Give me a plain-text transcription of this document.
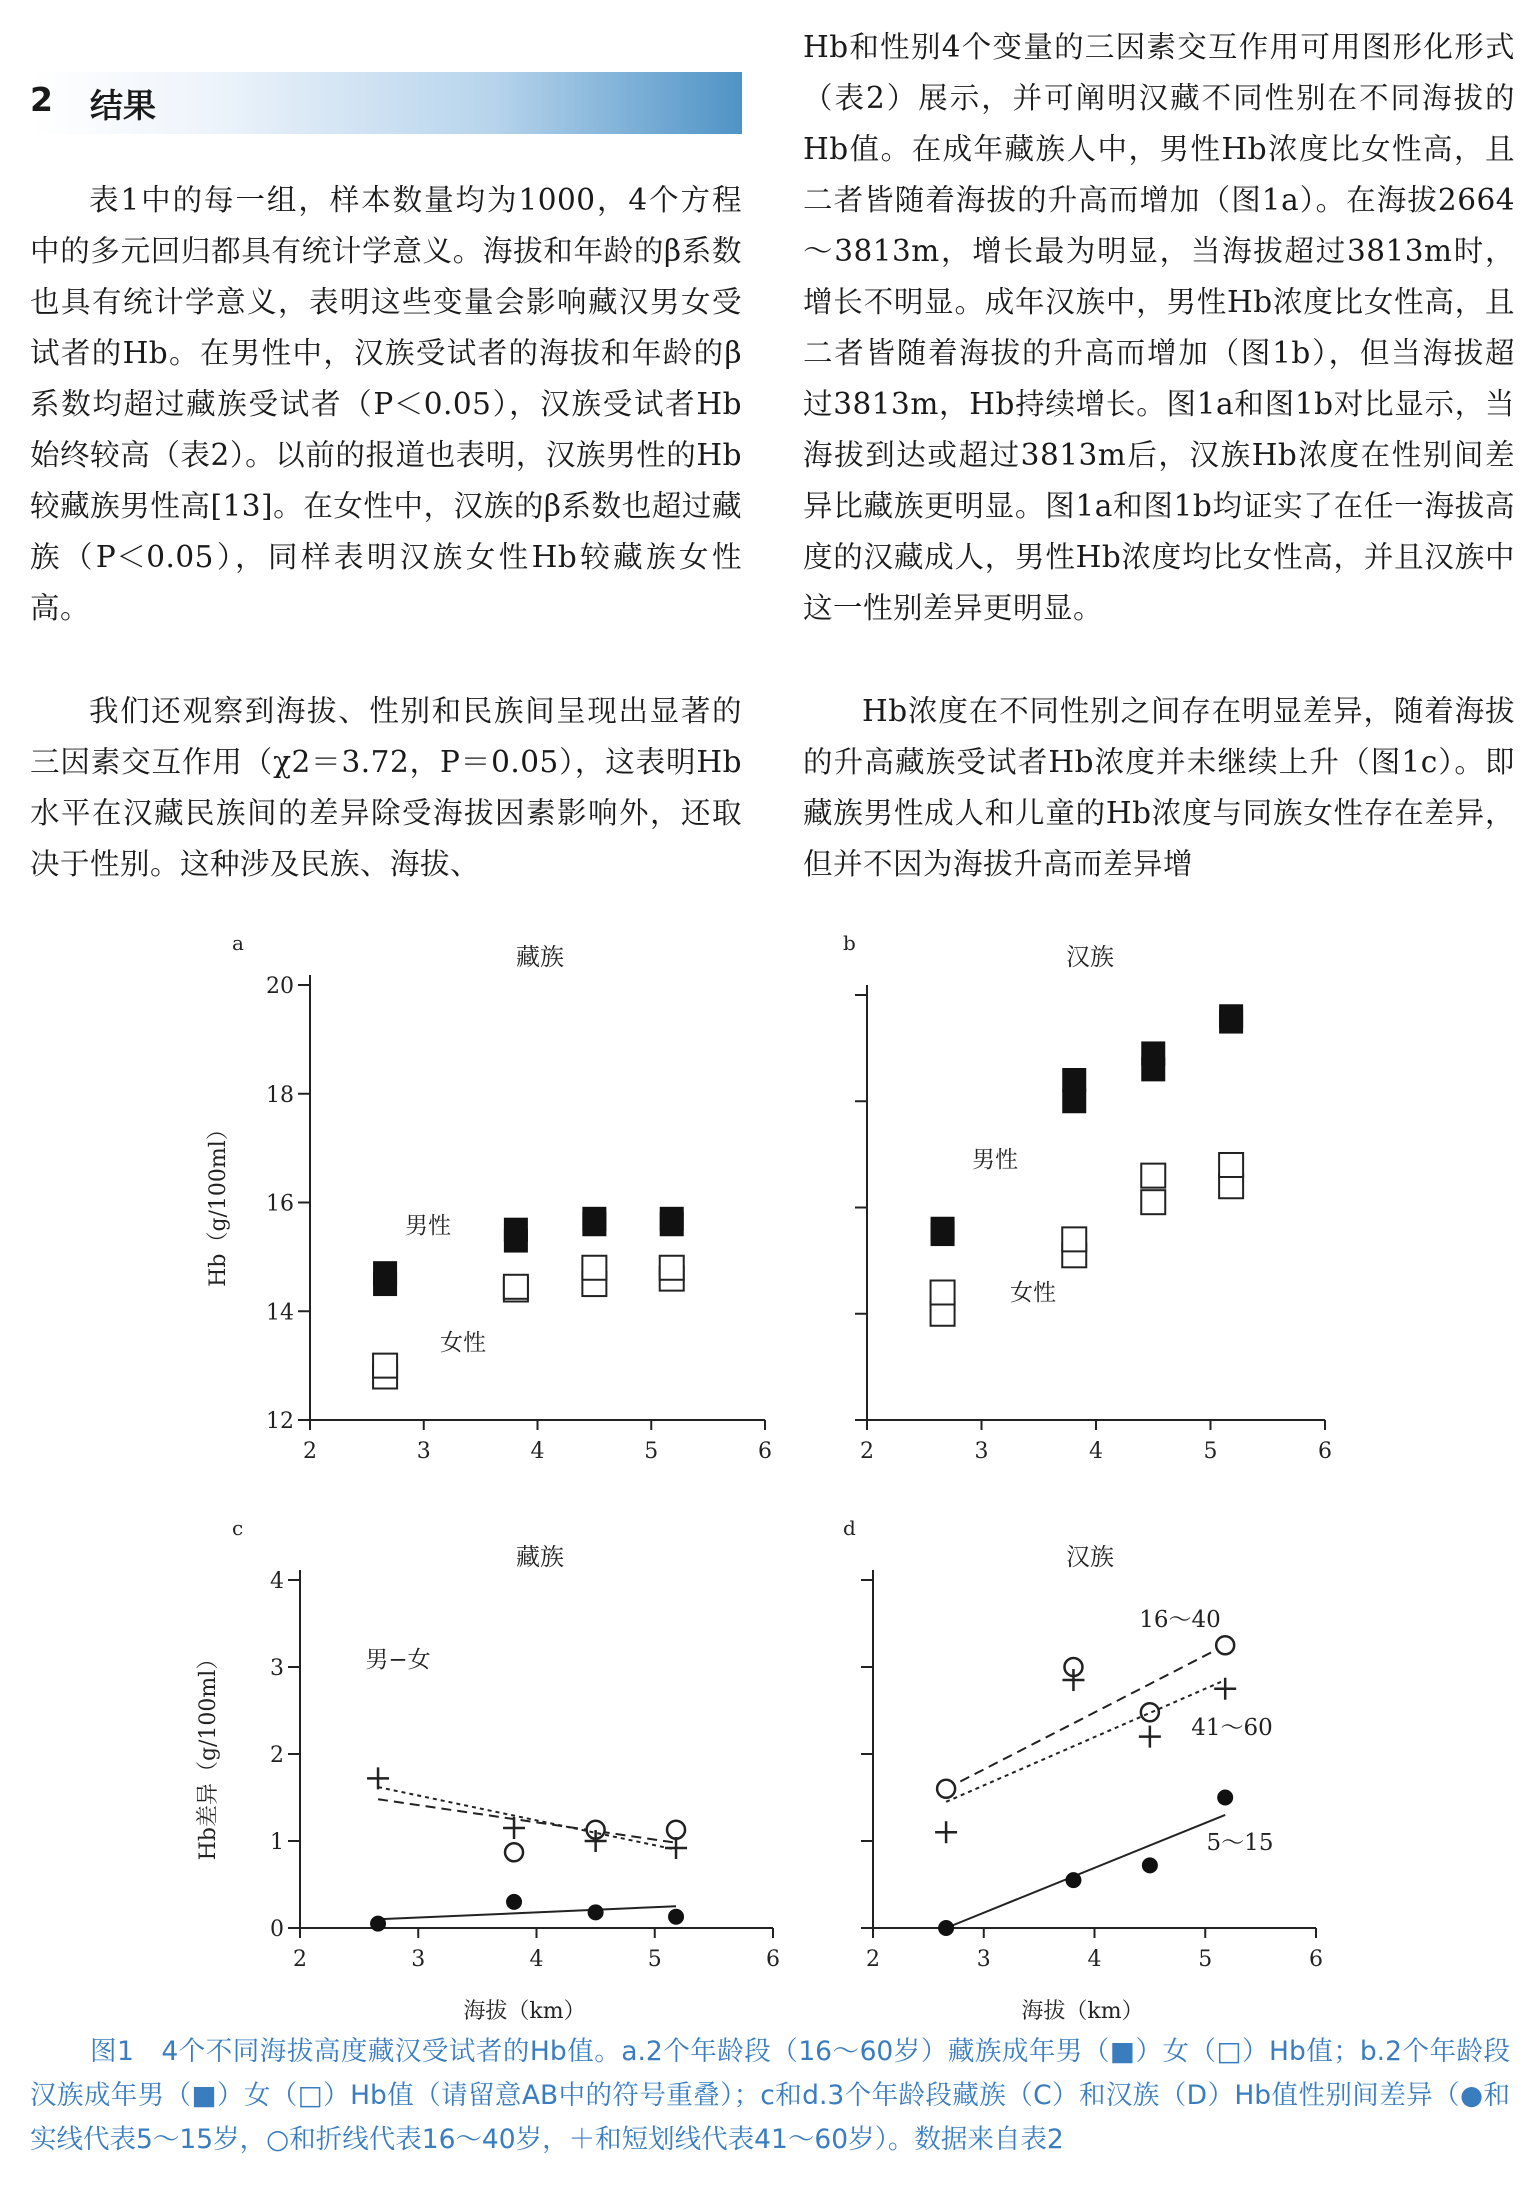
2 结果
表1中的每一组，样本数量均为1000，4个方程中的多元回归都具有统计学意义。海拔和年龄的β系数也具有统计学意义，表明这些变量会影响藏汉男女受试者的Hb。在男性中，汉族受试者的海拔和年龄的β系数均超过藏族受试者（P＜0.05），汉族受试者Hb始终较高（表2）。以前的报道也表明，汉族男性的Hb较藏族男性高[13]。在女性中，汉族的β系数也超过藏族（P＜0.05），同样表明汉族女性Hb较藏族女性高。
我们还观察到海拔、性别和民族间呈现出显著的三因素交互作用（χ2＝3.72，P＝0.05），这表明Hb水平在汉藏民族间的差异除受海拔因素影响外，还取决于性别。这种涉及民族、海拔、
Hb和性别4个变量的三因素交互作用可用图形化形式（表2）展示，并可阐明汉藏不同性别在不同海拔的Hb值。在成年藏族人中，男性Hb浓度比女性高，且二者皆随着海拔的升高而增加（图1a）。在海拔2664～3813m，增长最为明显，当海拔超过3813m时，增长不明显。成年汉族中，男性Hb浓度比女性高，且二者皆随着海拔的升高而增加（图1b），但当海拔超过3813m，Hb持续增长。图1a和图1b对比显示，当海拔到达或超过3813m后，汉族Hb浓度在性别间差异比藏族更明显。图1a和图1b均证实了在任一海拔高度的汉藏成人，男性Hb浓度均比女性高，并且汉族中这一性别差异更明显。
Hb浓度在不同性别之间存在明显差异，随着海拔的升高藏族受试者Hb浓度并未继续上升（图1c）。即藏族男性成人和儿童的Hb浓度与同族女性存在差异，但并不因为海拔升高而差异增
a	藏族
2	3	4	5	6
12
14
16
18
20
Hb（g/100ml）	男性
女性
b	汉族
2	3	4	5	6
男性
女性
c
藏族
2	3	4	5	6
0
1
2
3
4
Hb差异（g/100ml）
海拔（km）
男−女
d
汉族
2	3	4	5	6
海拔（km）
5～15
16～40
41～60
图1　4个不同海拔高度藏汉受试者的Hb值。a.2个年龄段（16～60岁）藏族成年男（■）女（□）Hb值；b.2个年龄段汉族成年男（■）女（□）Hb值（请留意AB中的符号重叠）；c和d.3个年龄段藏族（C）和汉族（D）Hb值性别间差异（●和实线代表5～15岁，○和折线代表16～40岁，＋和短划线代表41～60岁）。数据来自表2
